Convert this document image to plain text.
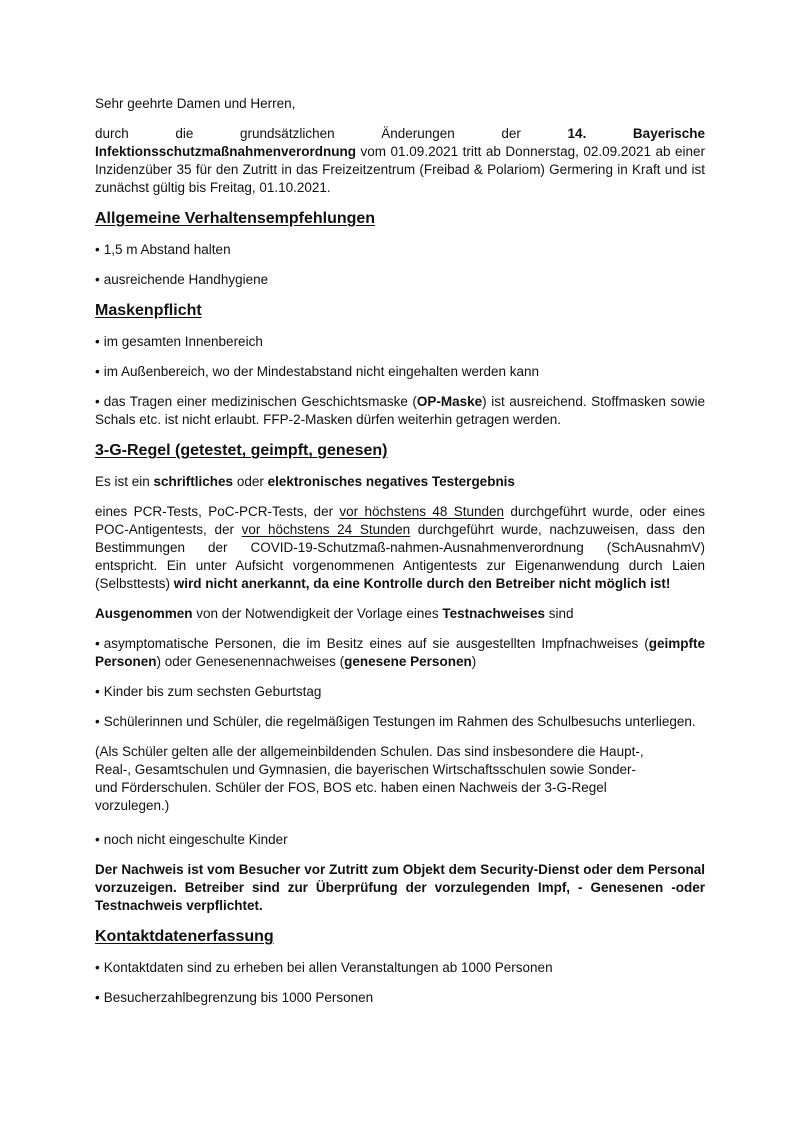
Sehr geehrte Damen und Herren,

durch die grundsätzlichen Änderungen der 14. Bayerische Infektionsschutzmaßnahmenverordnung vom 01.09.2021 tritt ab Donnerstag, 02.09.2021 ab einer Inzidenzüber 35 für den Zutritt in das Freizeitzentrum (Freibad & Polariom) Germering in Kraft und ist zunächst gültig bis Freitag, 01.10.2021.

Allgemeine Verhaltensempfehlungen

• 1,5 m Abstand halten

• ausreichende Handhygiene

Maskenpflicht

• im gesamten Innenbereich

• im Außenbereich, wo der Mindestabstand nicht eingehalten werden kann

• das Tragen einer medizinischen Geschichtsmaske (OP-Maske) ist ausreichend. Stoffmasken sowie Schals etc. ist nicht erlaubt. FFP-2-Masken dürfen weiterhin getragen werden.

3-G-Regel (getestet, geimpft, genesen)

Es ist ein schriftliches oder elektronisches negatives Testergebnis

eines PCR-Tests, PoC-PCR-Tests, der vor höchstens 48 Stunden durchgeführt wurde, oder eines POC-Antigentests, der vor höchstens 24 Stunden durchgeführt wurde, nachzuweisen, dass den Bestimmungen der COVID-19-Schutzmaß-nahmen-Ausnahmenverordnung (SchAusnahmV) entspricht. Ein unter Aufsicht vorgenommenen Antigentests zur Eigenanwendung durch Laien (Selbsttests) wird nicht anerkannt, da eine Kontrolle durch den Betreiber nicht möglich ist!

Ausgenommen von der Notwendigkeit der Vorlage eines Testnachweises sind

• asymptomatische Personen, die im Besitz eines auf sie ausgestellten Impfnachweises (geimpfte Personen) oder Genesenennachweises (genesene Personen)

• Kinder bis zum sechsten Geburtstag

• Schülerinnen und Schüler, die regelmäßigen Testungen im Rahmen des Schulbesuchs unterliegen.

(Als Schüler gelten alle der allgemeinbildenden Schulen. Das sind insbesondere die Haupt-,
Real-, Gesamtschulen und Gymnasien, die bayerischen Wirtschaftsschulen sowie Sonder-
und Förderschulen. Schüler der FOS, BOS etc. haben einen Nachweis der 3-G-Regel
vorzulegen.)

• noch nicht eingeschulte Kinder

Der Nachweis ist vom Besucher vor Zutritt zum Objekt dem Security-Dienst oder dem Personal vorzuzeigen. Betreiber sind zur Überprüfung der vorzulegenden Impf, - Genesenen -oder Testnachweis verpflichtet.

Kontaktdatenerfassung

• Kontaktdaten sind zu erheben bei allen Veranstaltungen ab 1000 Personen

• Besucherzahlbegrenzung bis 1000 Personen
